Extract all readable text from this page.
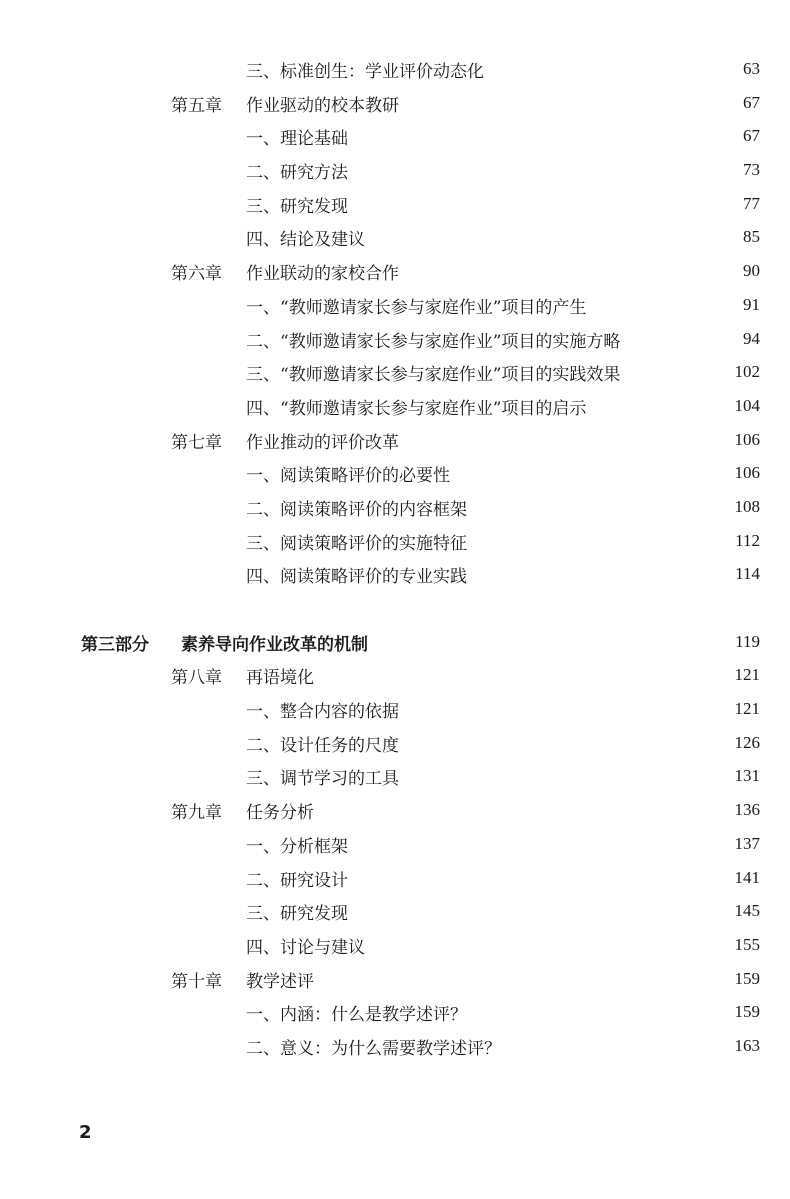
三、标准创生：学业评价动态化	63
第五章 作业驱动的校本教研	67
一、理论基础	67
二、研究方法	73
三、研究发现	77
四、结论及建议	85
第六章 作业联动的家校合作	90
一、“教师邀请家长参与家庭作业”项目的产生	91
二、“教师邀请家长参与家庭作业”项目的实施方略	94
三、“教师邀请家长参与家庭作业”项目的实践效果	102
四、“教师邀请家长参与家庭作业”项目的启示	104
第七章 作业推动的评价改革	106
一、阅读策略评价的必要性	106
二、阅读策略评价的内容框架	108
三、阅读策略评价的实施特征	112
四、阅读策略评价的专业实践	114
第三部分 素养导向作业改革的机制	119
第八章 再语境化	121
一、整合内容的依据	121
二、设计任务的尺度	126
三、调节学习的工具	131
第九章 任务分析	136
一、分析框架	137
二、研究设计	141
三、研究发现	145
四、讨论与建议	155
第十章 教学述评	159
一、内涵：什么是教学述评？	159
二、意义：为什么需要教学述评？	163
2
